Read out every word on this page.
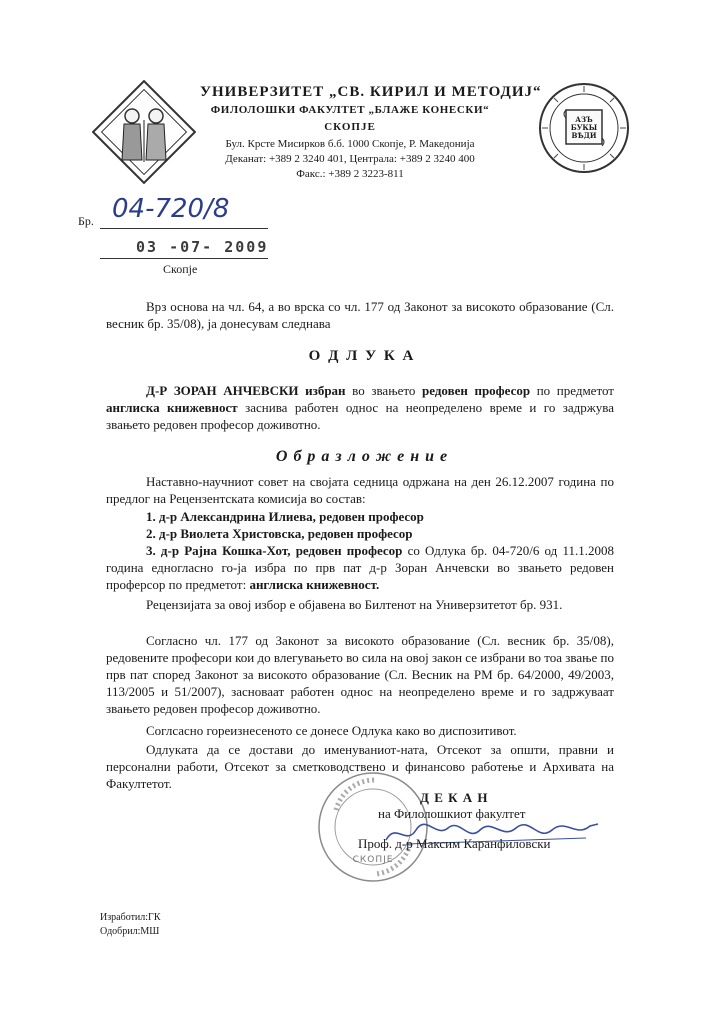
УНИВЕРЗИТЕТ „СВ. КИРИЛ И МЕТОДИЈ“
ФИЛОЛОШКИ ФАКУЛТЕТ „БЛАЖЕ КОНЕСКИ“
СКОПЈЕ
Бул. Крсте Мисирков б.б. 1000 Скопје, Р. Македонија
Деканат: +389 2 3240 401, Централа: +389 2 3240 400
Факс.: +389 2 3223-811
АЗЪ БУКЫ ВѢДИ
Бр. 04-720/8
03 -07- 2009
Скопје
Врз основа на чл. 64, а во врска со чл. 177 од Законот за високото образование (Сл. весник бр. 35/08), ја донесувам следнава
О Д Л У К А
Д-Р ЗОРАН АНЧЕВСКИ избран во звањето редовен професор по предметот англиска книжевност заснива работен однос на неопределено време и го задржува звањето редовен професор доживотно.
О б р а з л о ж е н и е
Наставно-научниот совет на својата седница одржана на ден 26.12.2007 година по предлог на Рецензентската комисија во состав:
1. д-р Александрина Илиева, редовен професор
2. д-р Виолета Христовска, редовен професор
3. д-р Рајна Кошка-Хот, редовен професор со Одлука бр. 04-720/6 од 11.1.2008 година едногласно го-ја избра по прв пат д-р Зоран Анчевски во звањето редовен проферсор по предметот: англиска книжевност.
Рецензијата за овој избор е објавена во Билтенот на Универзитетот бр. 931.
Согласно чл. 177 од Законот за високото образование (Сл. весник бр. 35/08), редовените професори кои до влегувањето во сила на овој закон се избрани во тоа звање по прв пат според Законот за високото образование (Сл. Весник на РМ бр. 64/2000, 49/2003, 113/2005 и 51/2007), засноваат работен однос на неопределено време и го задржуваат звањето редовен професор доживотно.
Соглсасно гореизнесеното се донесе Одлука како во диспозитивот.
Одлуката да се достави до именуваниот-ната, Отсекот за општи, правни и персонални работи, Отсекот за сметководствено и финансово работење и Архивата на Факултетот.
СКОПЈЕ
Д Е К А Н
на Филолошкиот факултет
Проф. д-р Максим Каранфиловски
Изработил:ГК
Одобрил:МШ
